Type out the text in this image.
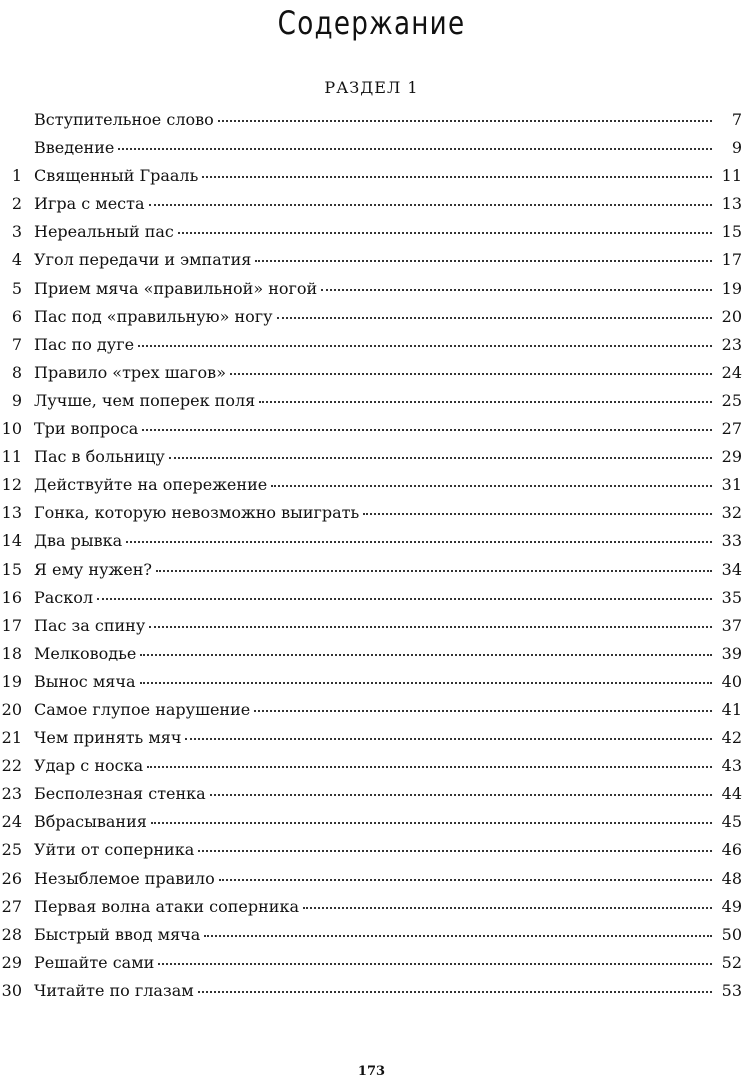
Содержание
РАЗДЕЛ 1
Вступительное слово	7
Введение	9
1 Священный Грааль	11
2 Игра с места	13
3 Нереальный пас	15
4 Угол передачи и эмпатия	17
5 Прием мяча «правильной» ногой	19
6 Пас под «правильную» ногу	20
7 Пас по дуге	23
8 Правило «трех шагов»	24
9 Лучше, чем поперек поля	25
10 Три вопроса	27
11 Пас в больницу	29
12 Действуйте на опережение	31
13 Гонка, которую невозможно выиграть	32
14 Два рывка	33
15 Я ему нужен?	34
16 Раскол	35
17 Пас за спину	37
18 Мелководье	39
19 Вынос мяча	40
20 Самое глупое нарушение	41
21 Чем принять мяч	42
22 Удар с носка	43
23 Бесполезная стенка	44
24 Вбрасывания	45
25 Уйти от соперника	46
26 Незыблемое правило	48
27 Первая волна атаки соперника	49
28 Быстрый ввод мяча	50
29 Решайте сами	52
30 Читайте по глазам	53
173
